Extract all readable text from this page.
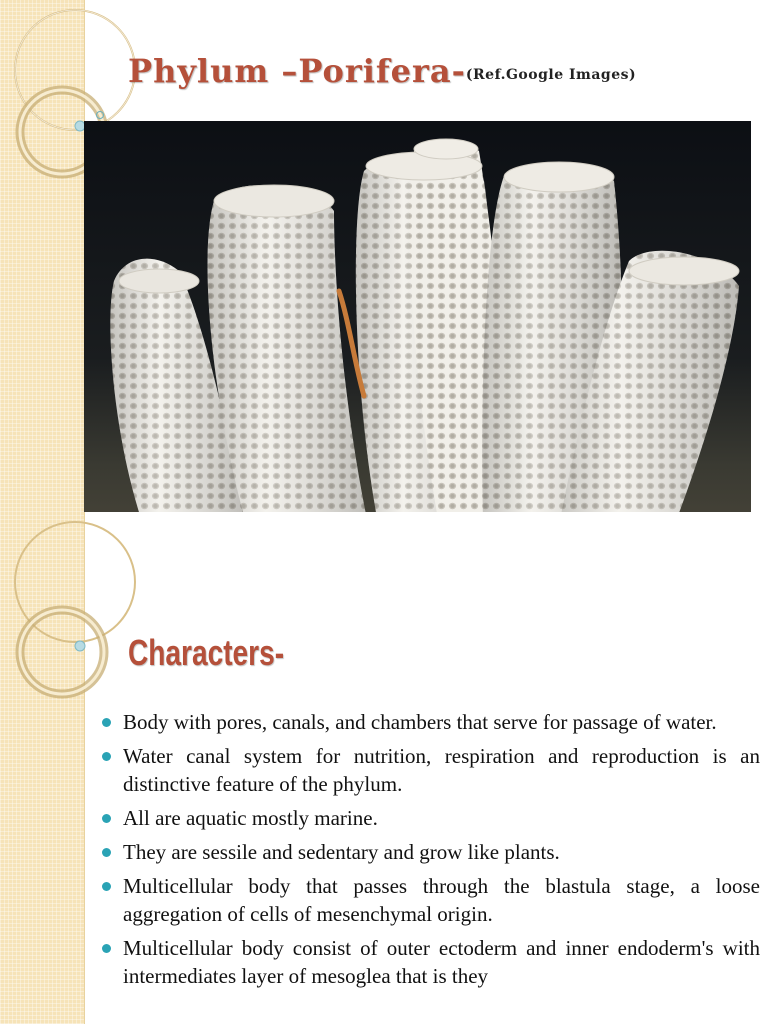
Phylum –Porifera-(Ref.Google Images)
Characters-
Body with pores, canals, and chambers that serve for passage of water.
Water canal system for nutrition, respiration and reproduction is an distinctive feature of the phylum.
All are aquatic mostly marine.
They are sessile and sedentary and grow like plants.
Multicellular body that passes through the blastula stage, a loose aggregation of cells of mesenchymal origin.
Multicellular body consist of outer ectoderm and inner endoderm's with intermediates layer of mesoglea that is they
